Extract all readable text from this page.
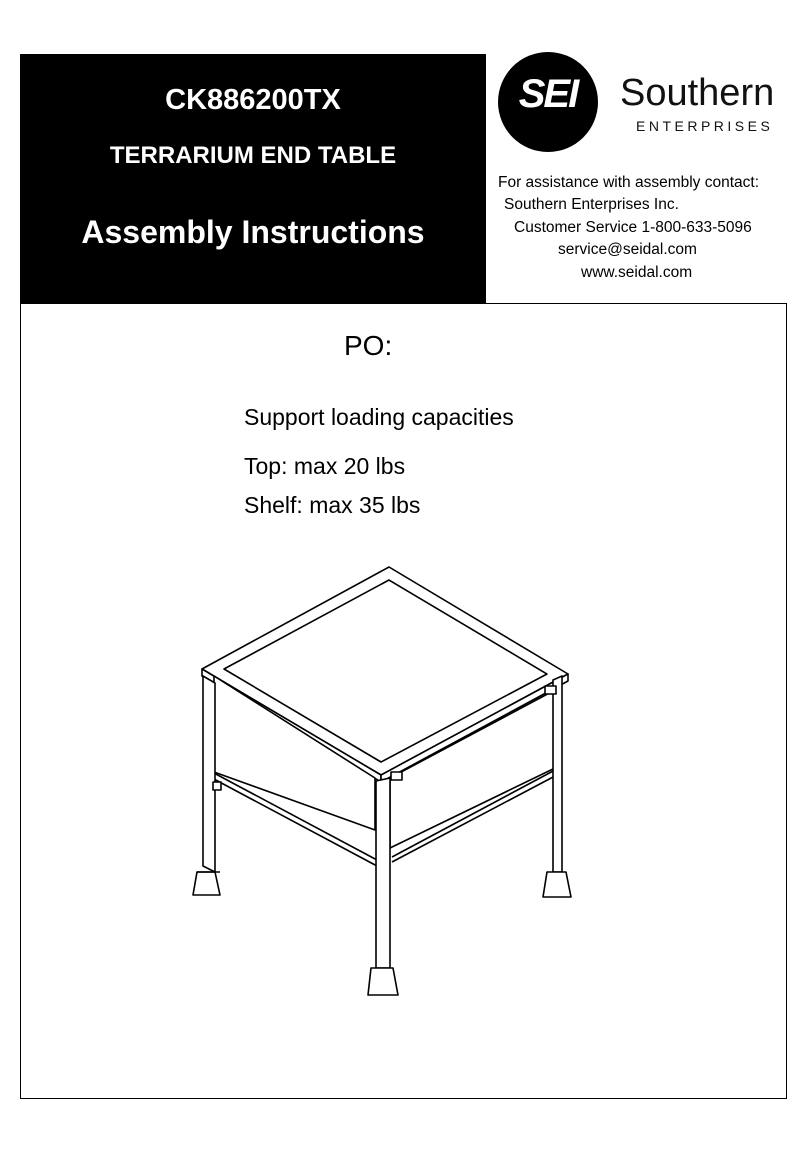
CK886200TX
TERRARIUM END TABLE
Assembly Instructions
SEI	Southern
ENTERPRISES
For assistance with assembly contact:
Southern Enterprises Inc.
Customer Service 1-800-633-5096
service@seidal.com
www.seidal.com
PO:
Support loading capacities
Top: max 20 lbs
Shelf: max 35 lbs
